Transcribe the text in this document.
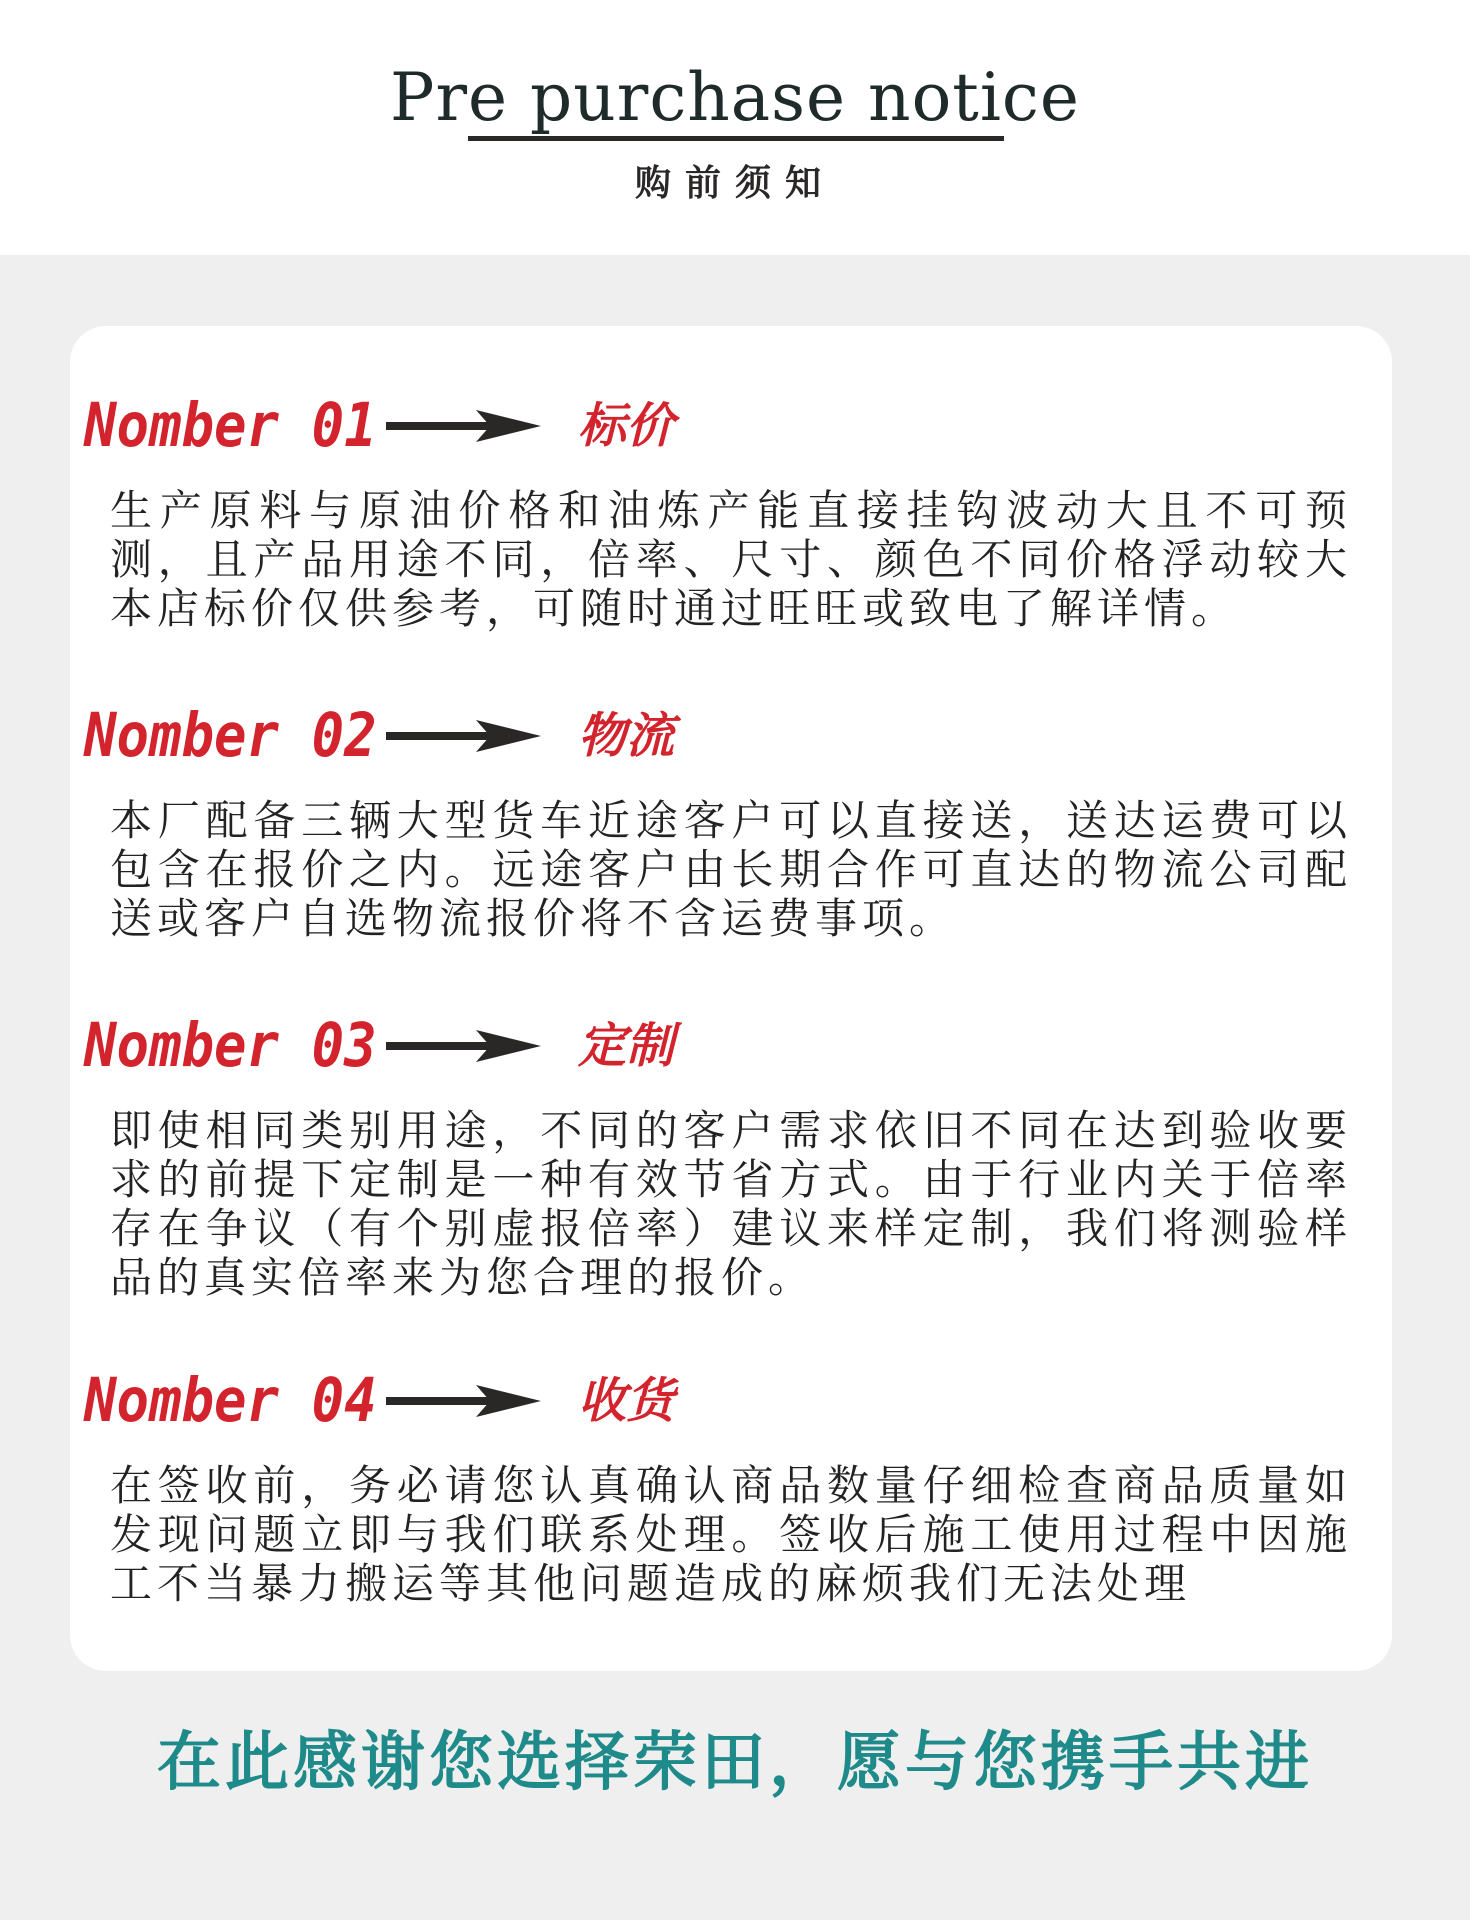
Pre purchase notice
购前须知
Nomber 01	标价
生产原料与原油价格和油炼产能直接挂钩波动大且不可预测，且产品用途不同，倍率、尺寸、颜色不同价格浮动较大本店标价仅供参考，可随时通过旺旺或致电了解详情。
Nomber 02	物流
本厂配备三辆大型货车近途客户可以直接送，送达运费可以包含在报价之内。远途客户由长期合作可直达的物流公司配送或客户自选物流报价将不含运费事项。
Nomber 03	定制
即使相同类别用途，不同的客户需求依旧不同在达到验收要求的前提下定制是一种有效节省方式。由于行业内关于倍率存在争议（有个别虚报倍率）建议来样定制，我们将测验样品的真实倍率来为您合理的报价。
Nomber 04	收货
在签收前，务必请您认真确认商品数量仔细检查商品质量如发现问题立即与我们联系处理。签收后施工使用过程中因施工不当暴力搬运等其他问题造成的麻烦我们无法处理
在此感谢您选择荣田，愿与您携手共进
